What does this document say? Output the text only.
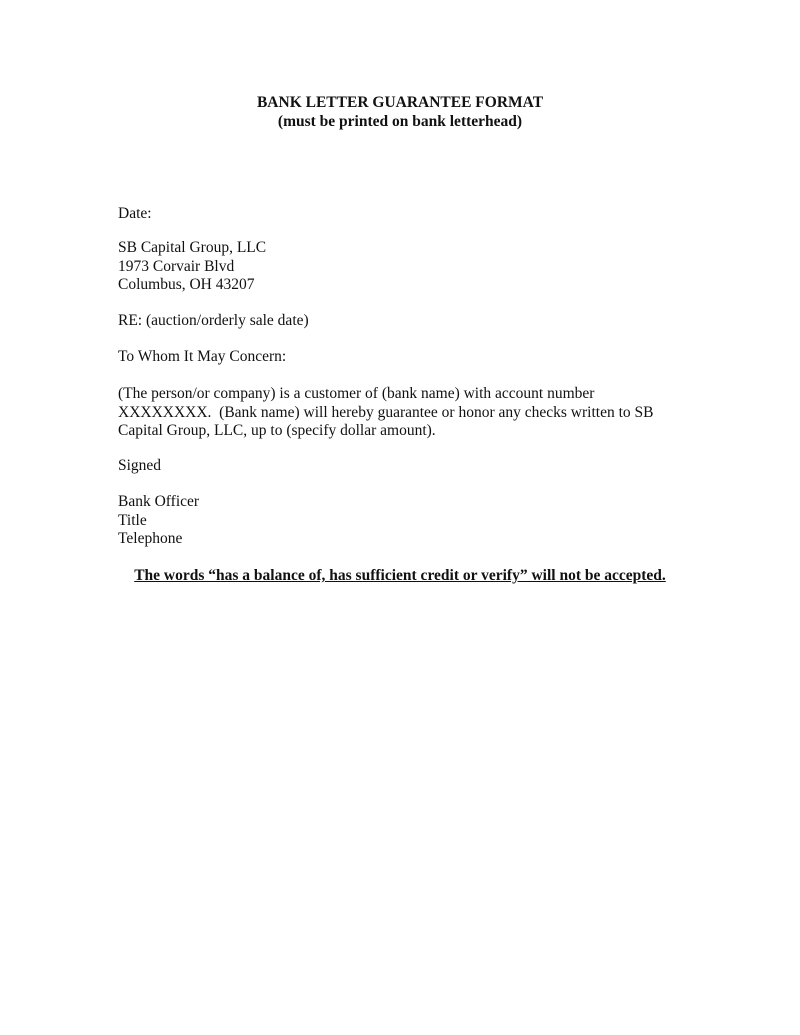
BANK LETTER GUARANTEE FORMAT
(must be printed on bank letterhead)
Date:
SB Capital Group, LLC
1973 Corvair Blvd
Columbus, OH 43207
RE: (auction/orderly sale date)
To Whom It May Concern:
(The person/or company) is a customer of (bank name) with account number
XXXXXXXX.  (Bank name) will hereby guarantee or honor any checks written to SB
Capital Group, LLC, up to (specify dollar amount).
Signed
Bank Officer
Title
Telephone
The words “has a balance of, has sufficient credit or verify” will not be accepted.
